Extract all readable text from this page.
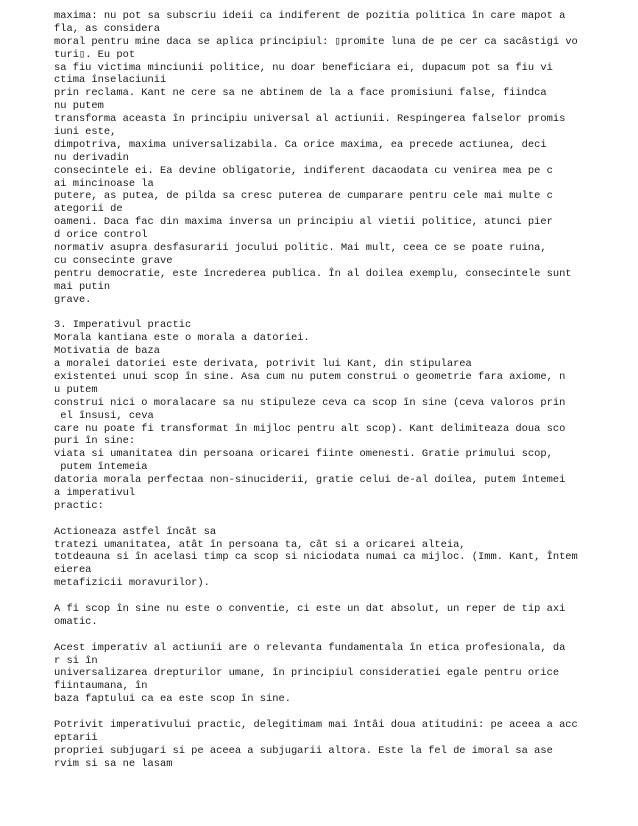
maxima: nu pot sa subscriu ideii ca indiferent de pozitia politica în care mapot a
fla, as considera
moral pentru mine daca se aplica principiul: ▯promite luna de pe cer ca sacâstigi vo
turi▯. Eu pot
sa fiu victima minciunii politice, nu doar beneficiara ei, dupacum pot sa fiu vi
ctima înselaciunii
prin reclama. Kant ne cere sa ne abtinem de la a face promisiuni false, fiindca
nu putem
transforma aceasta în principiu universal al actiunii. Respingerea falselor promis
iuni este,
dimpotriva, maxima universalizabila. Ca orice maxima, ea precede actiunea, deci
nu derivadin
consecintele ei. Ea devine obligatorie, indiferent dacaodata cu venirea mea pe c
ai mincinoase la
putere, as putea, de pilda sa cresc puterea de cumparare pentru cele mai multe c
ategorii de
oameni. Daca fac din maxima inversa un principiu al vietii politice, atunci pier
d orice control
normativ asupra desfasurarii jocului politic. Mai mult, ceea ce se poate ruina,
cu consecinte grave
pentru democratie, este încrederea publica. În al doilea exemplu, consecintele sunt
mai putin
grave.
3. Imperativul practic
Morala kantiana este o morala a datoriei.
Motivatia de baza
a moralei datoriei este derivata, potrivit lui Kant, din stipularea
existentei unui scop în sine. Asa cum nu putem construi o geometrie fara axiome, n
u putem
construi nici o moralacare sa nu stipuleze ceva ca scop în sine (ceva valoros prin
el însusi, ceva
care nu poate fi transformat în mijloc pentru alt scop). Kant delimiteaza doua sco
puri în sine:
viata si umanitatea din persoana oricarei fiinte omenesti. Gratie primului scop,
putem întemeia
datoria morala perfectaa non-sinuciderii, gratie celui de-al doilea, putem întemei
a imperativul
practic:
Actioneaza astfel încât sa
tratezi umanitatea, atât în persoana ta, cât si a oricarei alteia,
totdeauna si în acelasi timp ca scop si niciodata numai ca mijloc. (Imm. Kant, Întem
eierea
metafizicii moravurilor).
A fi scop în sine nu este o conventie, ci este un dat absolut, un reper de tip axi
omatic.
Acest imperativ al actiunii are o relevanta fundamentala în etica profesionala, da
r si în
universalizarea drepturilor umane, în principiul consideratiei egale pentru orice
fiintaumana, în
baza faptului ca ea este scop în sine.
Potrivit imperativului practic, delegitimam mai întâi doua atitudini: pe aceea a acc
eptarii
propriei subjugari si pe aceea a subjugarii altora. Este la fel de imoral sa ase
rvim si sa ne lasam
